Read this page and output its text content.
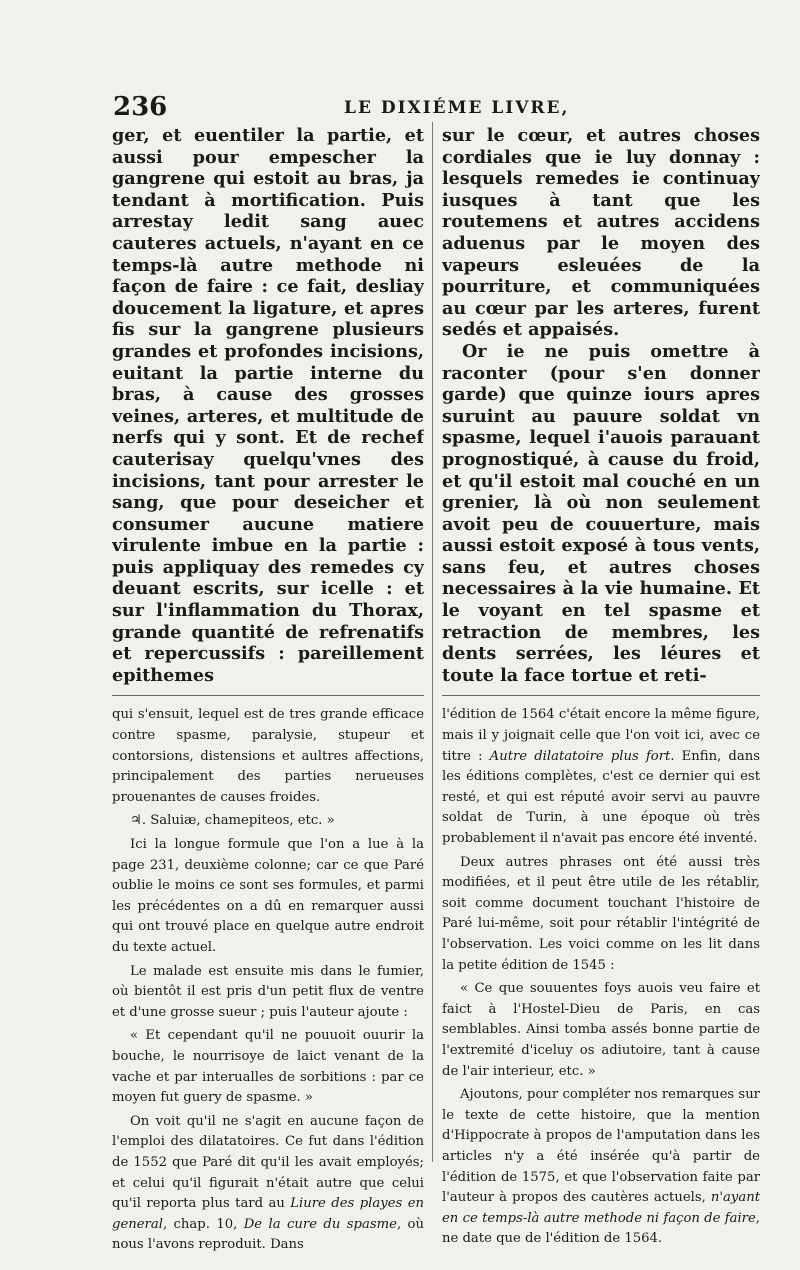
236	LE DIXIÉME LIVRE,

ger, et euentiler la partie, et aussi pour empescher la gangrene qui estoit au bras, ja tendant à mortification. Puis arrestay ledit sang auec cauteres actuels, n'ayant en ce temps-là autre methode ni façon de faire : ce fait, desliay doucement la ligature, et apres fis sur la gangrene plusieurs grandes et profondes incisions, euitant la partie interne du bras, à cause des grosses veines, arteres, et multitude de nerfs qui y sont. Et de rechef cauterisay quelqu'vnes des incisions, tant pour arrester le sang, que pour deseicher et consumer aucune matiere virulente imbue en la partie : puis appliquay des remedes cy deuant escrits, sur icelle : et sur l'inflammation du Thorax, grande quantité de refrenatifs et repercussifs : pareillement epithemes

qui s'ensuit, lequel est de tres grande efficace contre spasme, paralysie, stupeur et contorsions, distensions et aultres affections, principalement des parties nerueuses prouenantes de causes froides.

♃. Saluiæ, chamepiteos, etc. »

Ici la longue formule que l'on a lue à la page 231, deuxième colonne; car ce que Paré oublie le moins ce sont ses formules, et parmi les précédentes on a dû en remarquer aussi qui ont trouvé place en quelque autre endroit du texte actuel.

Le malade est ensuite mis dans le fumier, où bientôt il est pris d'un petit flux de ventre et d'une grosse sueur ; puis l'auteur ajoute :

« Et cependant qu'il ne pouuoit ouurir la bouche, le nourrisoye de laict venant de la vache et par interualles de sorbitions : par ce moyen fut guery de spasme. »

On voit qu'il ne s'agit en aucune façon de l'emploi des dilatatoires. Ce fut dans l'édition de 1552 que Paré dit qu'il les avait employés; et celui qu'il figurait n'était autre que celui qu'il reporta plus tard au Liure des playes en general, chap. 10, De la cure du spasme, où nous l'avons reproduit. Dans

sur le cœur, et autres choses cordiales que ie luy donnay : lesquels remedes ie continuay iusques à tant que les routemens et autres accidens aduenus par le moyen des vapeurs esleuées de la pourriture, et communiquées au cœur par les arteres, furent sedés et appaisés.

Or ie ne puis omettre à raconter (pour s'en donner garde) que quinze iours apres suruint au pauure soldat vn spasme, lequel i'auois parauant prognostiqué, à cause du froid, et qu'il estoit mal couché en un grenier, là où non seulement avoit peu de couuerture, mais aussi estoit exposé à tous vents, sans feu, et autres choses necessaires à la vie humaine. Et le voyant en tel spasme et retraction de membres, les dents serrées, les léures et toute la face tortue et reti-

l'édition de 1564 c'était encore la même figure, mais il y joignait celle que l'on voit ici, avec ce titre : Autre dilatatoire plus fort. Enfin, dans les éditions complètes, c'est ce dernier qui est resté, et qui est réputé avoir servi au pauvre soldat de Turin, à une époque où très probablement il n'avait pas encore été inventé.

Deux autres phrases ont été aussi très modifiées, et il peut être utile de les rétablir, soit comme document touchant l'histoire de Paré lui-même, soit pour rétablir l'intégrité de l'observation. Les voici comme on les lit dans la petite édition de 1545 :

« Ce que souuentes foys auois veu faire et faict à l'Hostel-Dieu de Paris, en cas semblables. Ainsi tomba assés bonne partie de l'extremité d'iceluy os adiutoire, tant à cause de l'air interieur, etc. »

Ajoutons, pour compléter nos remarques sur le texte de cette histoire, que la mention d'Hippocrate à propos de l'amputation dans les articles n'y a été insérée qu'à partir de l'édition de 1575, et que l'observation faite par l'auteur à propos des cautères actuels, n'ayant en ce temps-là autre methode ni façon de faire, ne date que de l'édition de 1564.
